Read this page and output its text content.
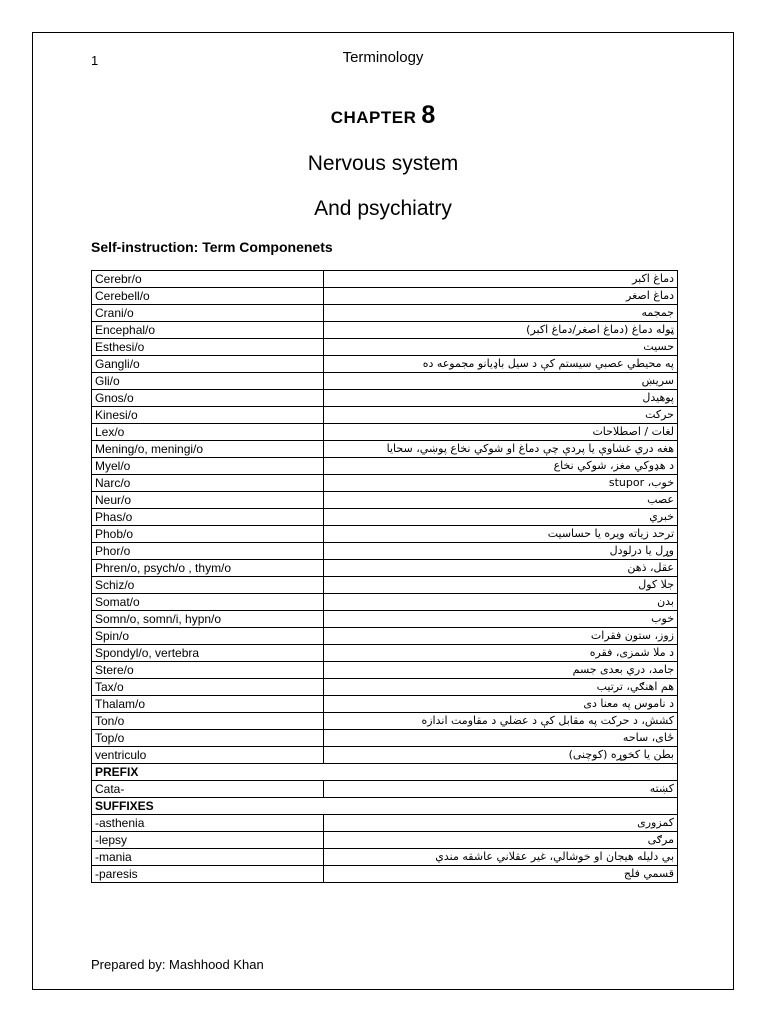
1	Terminology
CHAPTER 8
Nervous system
And psychiatry
Self-instruction: Term Componenets
Cerebr/o	دماغ اکبر
Cerebell/o	دماغ اصغر
Crani/o	جمجمه
Encephal/o	ټوله دماغ (دماغ اصغر/دماغ اکبر)
Esthesi/o	حسیت
Gangli/o	په محیطي عصبي سیستم کې د سیل باډیانو مجموعه ده
Gli/o	سریښ
Gnos/o	پوهیدل
Kinesi/o	حرکت
Lex/o	لغات / اصطلاحات
Mening/o, meningi/o	هغه دري غشاوې یا پردې چې دماغ او شوکي نخاع پوښي، سحایا
Myel/o	د هډوکي مغز، شوکي نخاع
Narc/o	خوب، stupor
Neur/o	عصب
Phas/o	خبري
Phob/o	ترحد زیاته ویره یا حساسیت
Phor/o	وړل یا درلودل
Phren/o, psych/o , thym/o	عقل، ذهن
Schiz/o	جلا کول
Somat/o	بدن
Somn/o, somn/i, hypn/o	خوب
Spin/o	زوز، ستون فقرات
Spondyl/o, vertebra	د ملا شمزی، فقره
Stere/o	جامد، دري بعدی جسم
Tax/o	هم اهنګي، ترتیب
Thalam/o	د ناموس په معنا دی
Ton/o	کشش، د حرکت په مقابل کې د عضلي د مقاومت اندازه
Top/o	ځای، ساحه
ventriculo	بطن یا کخوړه (کوچنی)
PREFIX	
Cata-	کښته
SUFFIXES	
-asthenia	کمزوری
-lepsy	مرګی
-mania	بي دلیله هیجان او خوشالي، غیر عقلاني عاشقه مندي
-paresis	قسمي فلج
Prepared by: Mashhood Khan
